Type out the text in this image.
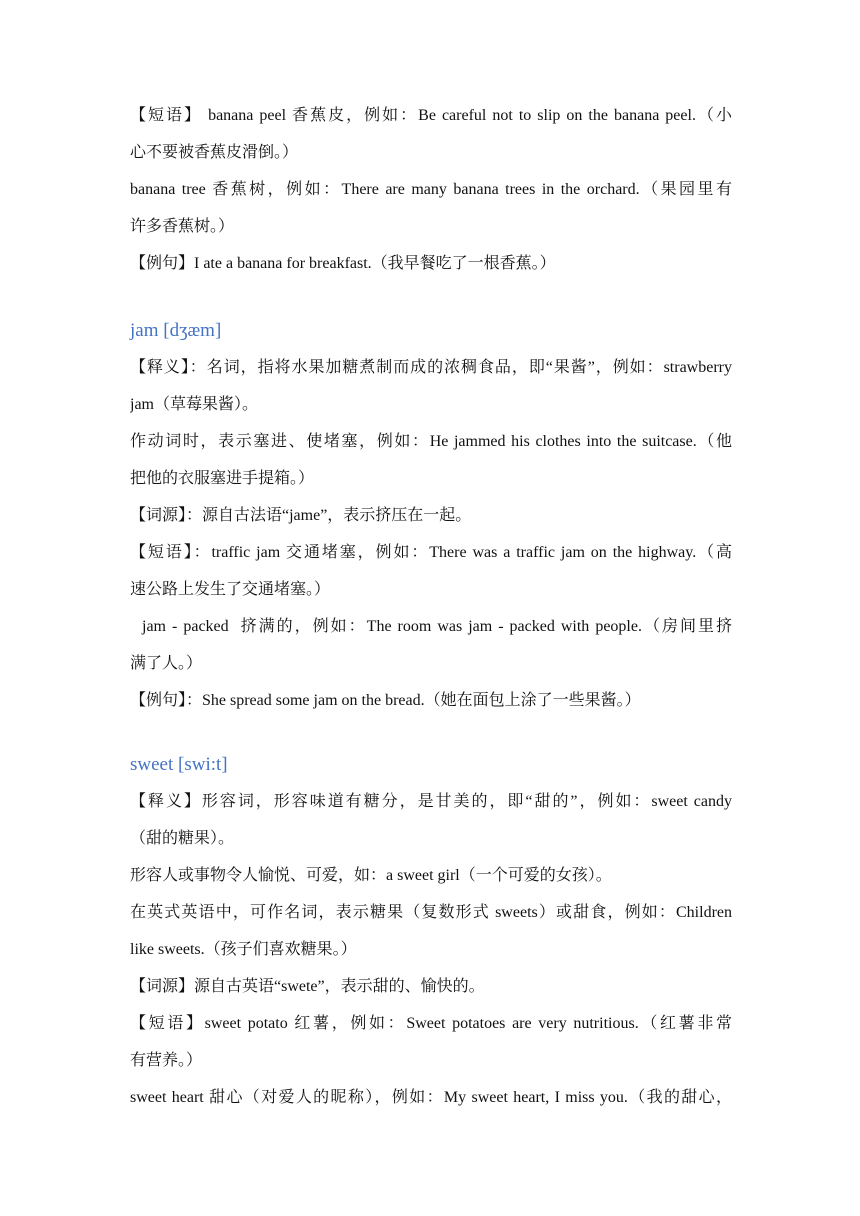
【短语】 banana peel 香蕉皮，例如：Be careful not to slip on the banana peel.（小
心不要被香蕉皮滑倒。）
banana tree 香蕉树，例如：There are many banana trees in the orchard.（果园里有
许多香蕉树。）
【例句】I ate a banana for breakfast.（我早餐吃了一根香蕉。）
jam [dʒæm]
【释义】：名词，指将水果加糖煮制而成的浓稠食品，即“果酱”，例如：strawberry
jam（草莓果酱）。
作动词时，表示塞进、使堵塞，例如：He jammed his clothes into the suitcase.（他
把他的衣服塞进手提箱。）
【词源】：源自古法语“jame”，表示挤压在一起。
【短语】：traffic jam 交通堵塞，例如：There was a traffic jam on the highway.（高
速公路上发生了交通堵塞。）
jam - packed  挤满的，例如：The room was jam - packed with people.（房间里挤
满了人。）
【例句】：She spread some jam on the bread.（她在面包上涂了一些果酱。）
sweet [swi:t]
【释义】形容词，形容味道有糖分，是甘美的，即“甜的”，例如：sweet candy
（甜的糖果）。
形容人或事物令人愉悦、可爱，如：a sweet girl（一个可爱的女孩）。
在英式英语中，可作名词，表示糖果（复数形式 sweets）或甜食，例如：Children
like sweets.（孩子们喜欢糖果。）
【词源】源自古英语“swete”，表示甜的、愉快的。
【短语】sweet potato 红薯，例如：Sweet potatoes are very nutritious.（红薯非常
有营养。）
sweet heart 甜心（对爱人的昵称），例如：My sweet heart, I miss you.（我的甜心，
